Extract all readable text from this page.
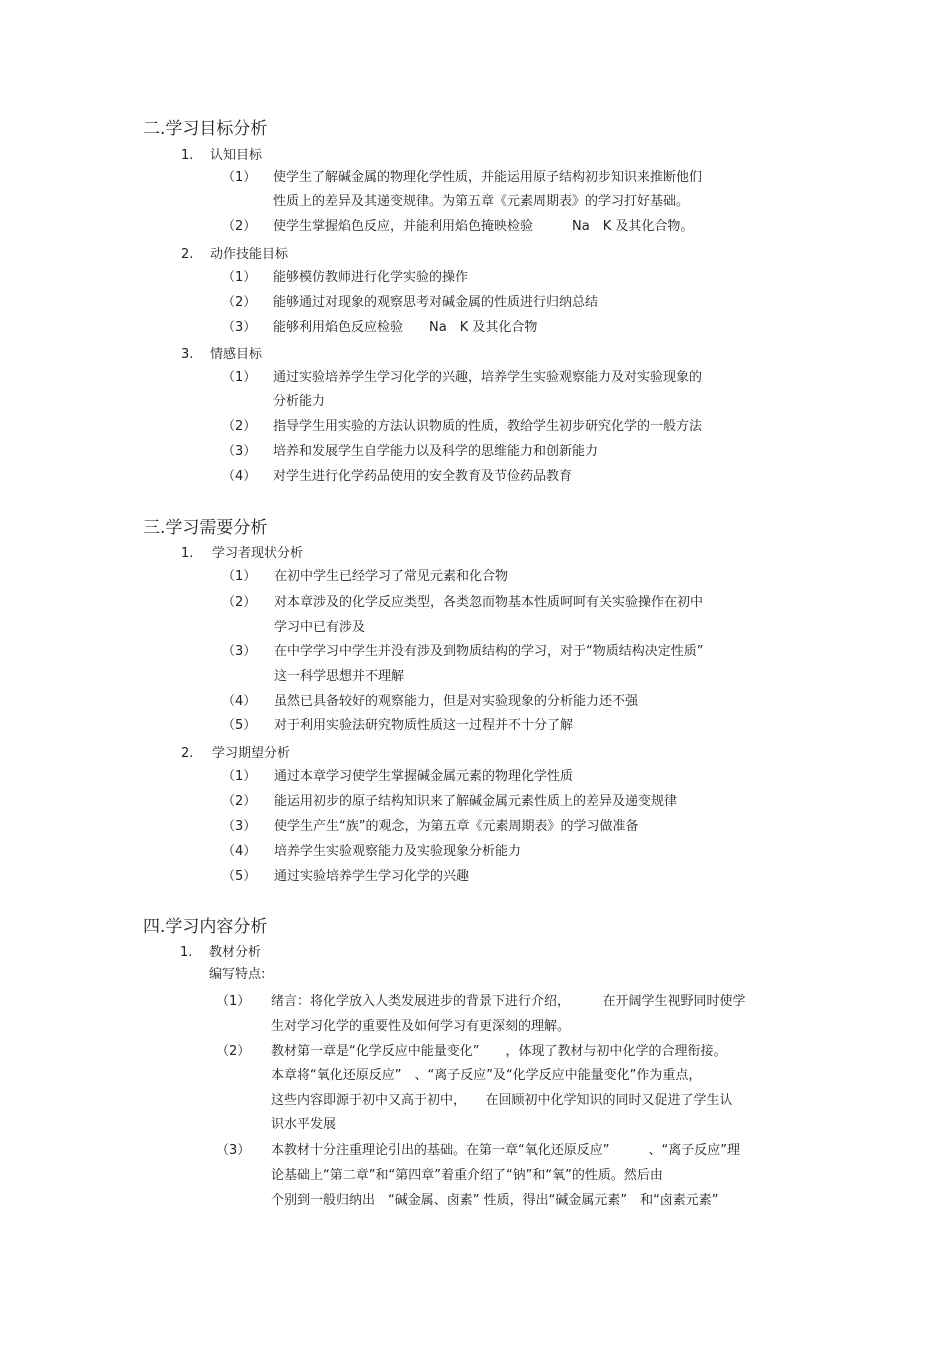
二.学习目标分析
1. 认知目标
（1） 使学生了解碱金属的物理化学性质，并能运用原子结构初步知识来推断他们
性质上的差异及其递变规律。为第五章《元素周期表》的学习打好基础。
（2） 使学生掌握焰色反应，并能利用焰色掩映检验　　　Na　K 及其化合物。
2. 动作技能目标
（1） 能够模仿教师进行化学实验的操作
（2） 能够通过对现象的观察思考对碱金属的性质进行归纳总结
（3） 能够利用焰色反应检验　　Na　K 及其化合物
3. 情感目标
（1） 通过实验培养学生学习化学的兴趣，培养学生实验观察能力及对实验现象的
分析能力
（2） 指导学生用实验的方法认识物质的性质，教给学生初步研究化学的一般方法
（3） 培养和发展学生自学能力以及科学的思维能力和创新能力
（4） 对学生进行化学药品使用的安全教育及节俭药品教育
三.学习需要分析
1. 学习者现状分析
（1） 在初中学生已经学习了常见元素和化合物
（2） 对本章涉及的化学反应类型，各类忽而物基本性质呵呵有关实验操作在初中
学习中已有涉及
（3） 在中学学习中学生并没有涉及到物质结构的学习，对于“物质结构决定性质”
这一科学思想并不理解
（4） 虽然已具备较好的观察能力，但是对实验现象的分析能力还不强
（5） 对于利用实验法研究物质性质这一过程并不十分了解
2. 学习期望分析
（1） 通过本章学习使学生掌握碱金属元素的物理化学性质
（2） 能运用初步的原子结构知识来了解碱金属元素性质上的差异及递变规律
（3） 使学生产生“族”的观念，为第五章《元素周期表》的学习做准备
（4） 培养学生实验观察能力及实验现象分析能力
（5） 通过实验培养学生学习化学的兴趣
四.学习内容分析
1. 教材分析
编写特点:
（1） 绪言：将化学放入人类发展进步的背景下进行介绍，　　　在开阔学生视野同时使学
生对学习化学的重要性及如何学习有更深刻的理解。
（2） 教材第一章是“化学反应中能量变化”　　，体现了教材与初中化学的合理衔接。
本章将“氧化还原反应”　、“离子反应”及“化学反应中能量变化”作为重点，
这些内容即源于初中又高于初中，　　在回顾初中化学知识的同时又促进了学生认
识水平发展
（3） 本教材十分注重理论引出的基础。在第一章“氧化还原反应”　　　、“离子反应”理
论基础上“第二章”和“第四章”着重介绍了“钠”和“氧”的性质。然后由
个别到一般归纳出　“碱金属、卤素” 性质，得出“碱金属元素”　和“卤素元素”
